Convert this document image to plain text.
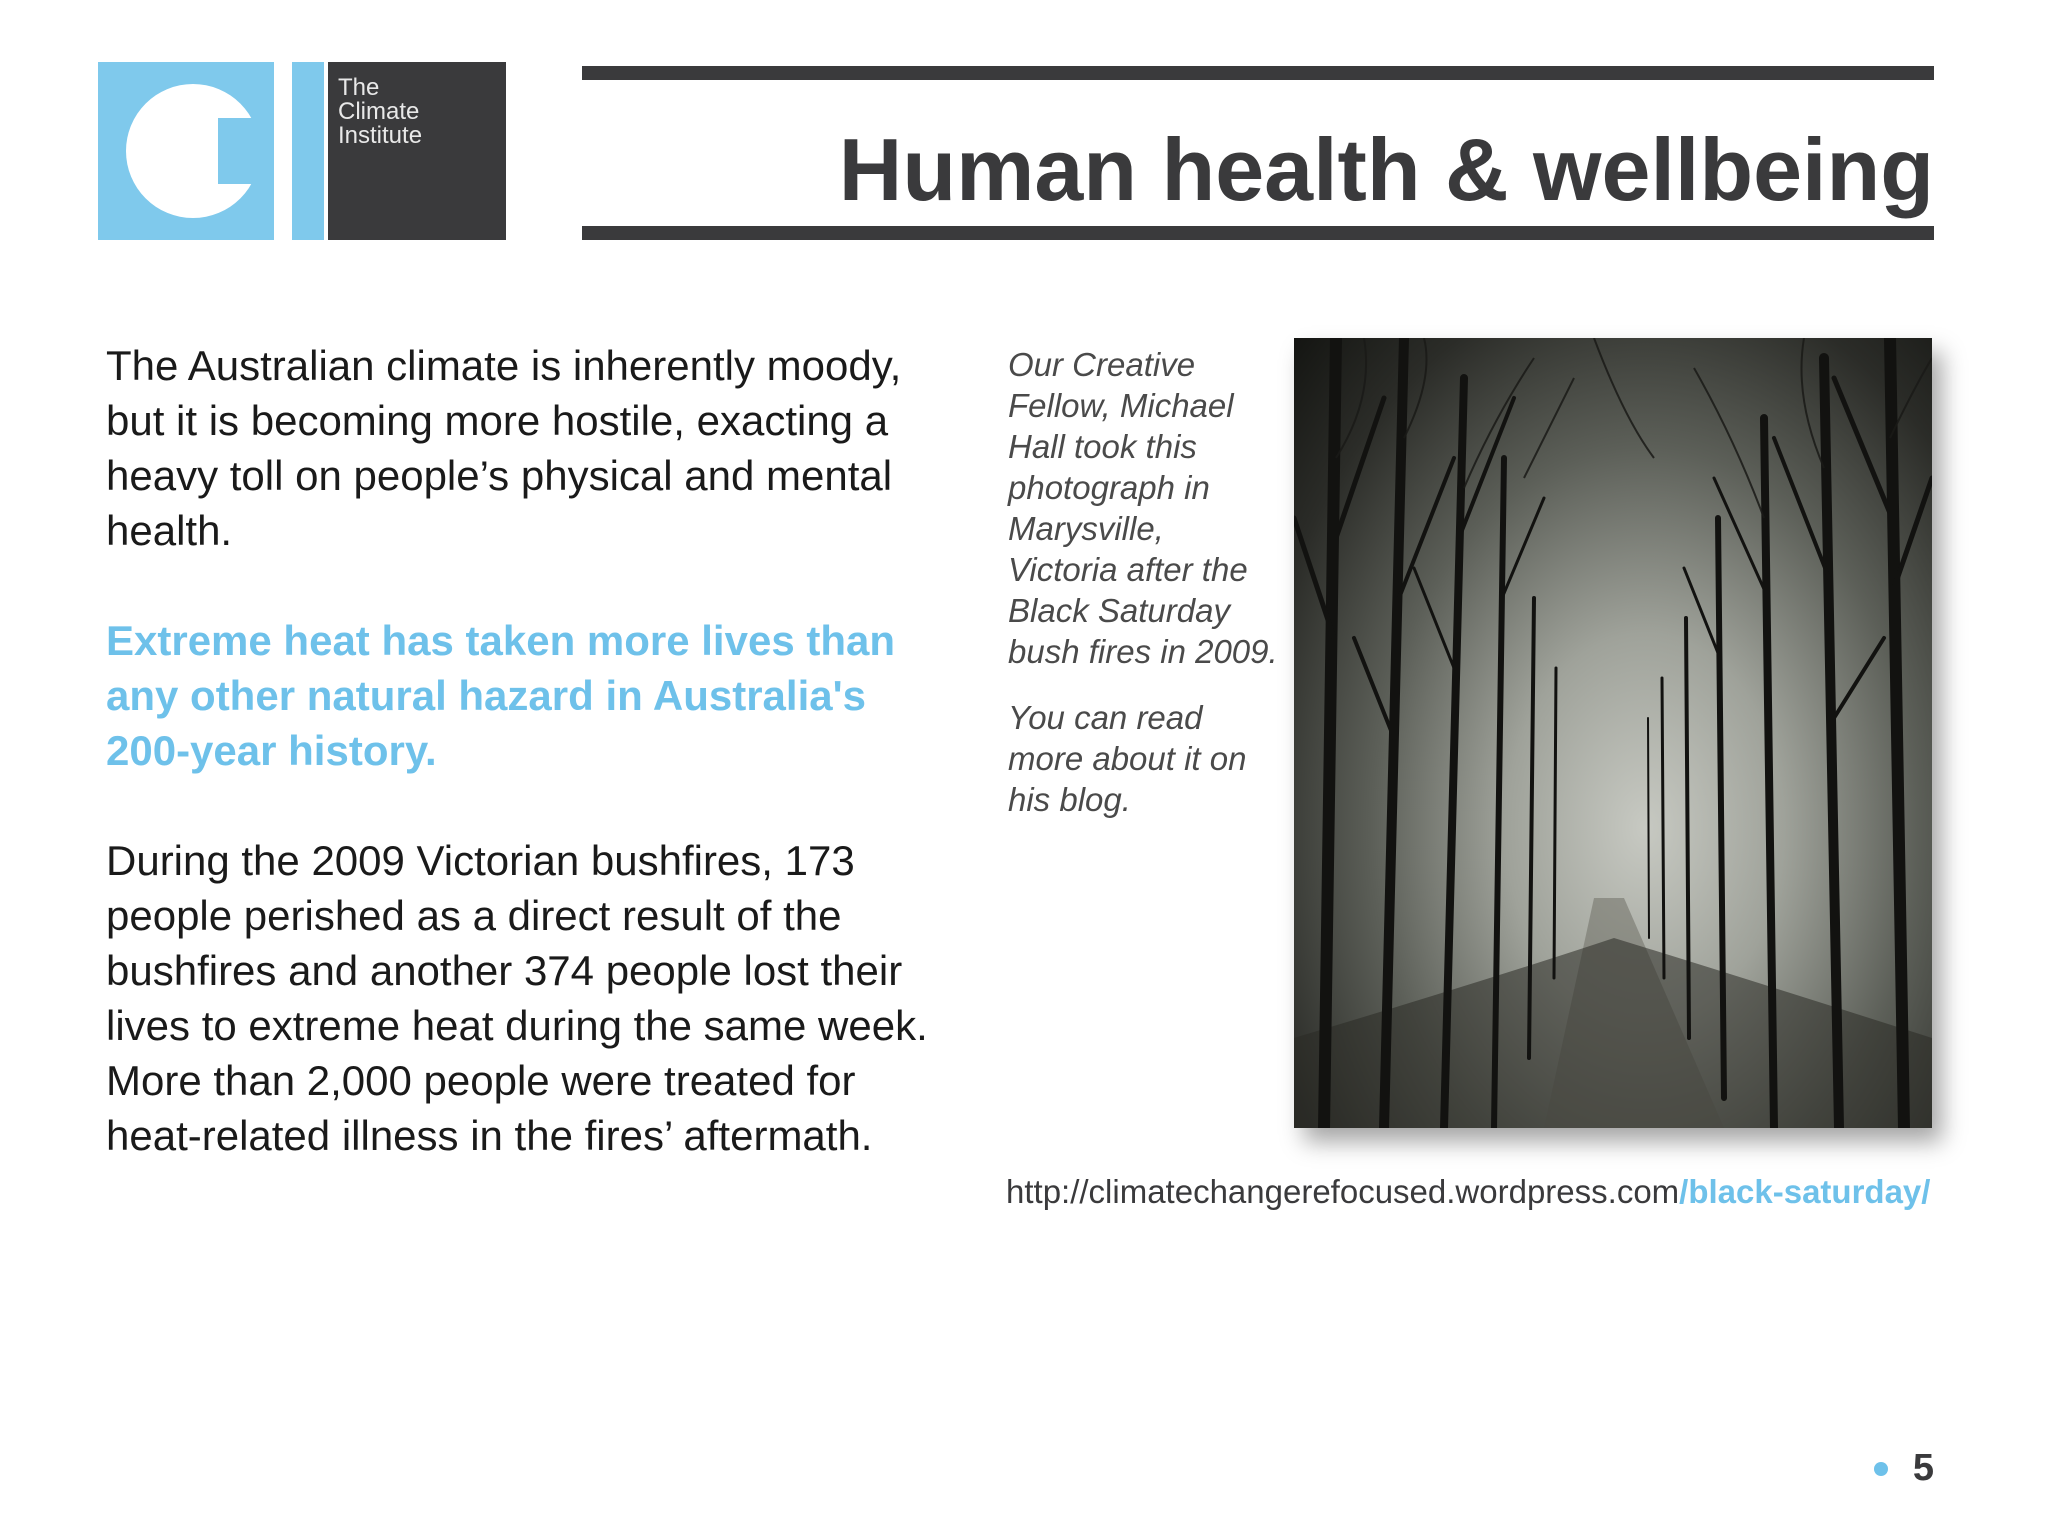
The
Climate
Institute	Human health & wellbeing

The Australian climate is inherently moody, but it is becoming more hostile, exacting a heavy toll on people’s physical and mental health.

Extreme heat has taken more lives than any other natural hazard in Australia's 200-year history.

During the 2009 Victorian bushfires, 173 people perished as a direct result of the bushfires and another 374 people lost their lives to extreme heat during the same week. More than 2,000 people were treated for heat-related illness in the fires’ aftermath.

Our Creative Fellow, Michael Hall took this photograph in Marysville, Victoria after the Black Saturday bush fires in 2009.

You can read more about it on his blog.

http://climatechangerefocused.wordpress.com/black-saturday/
5
